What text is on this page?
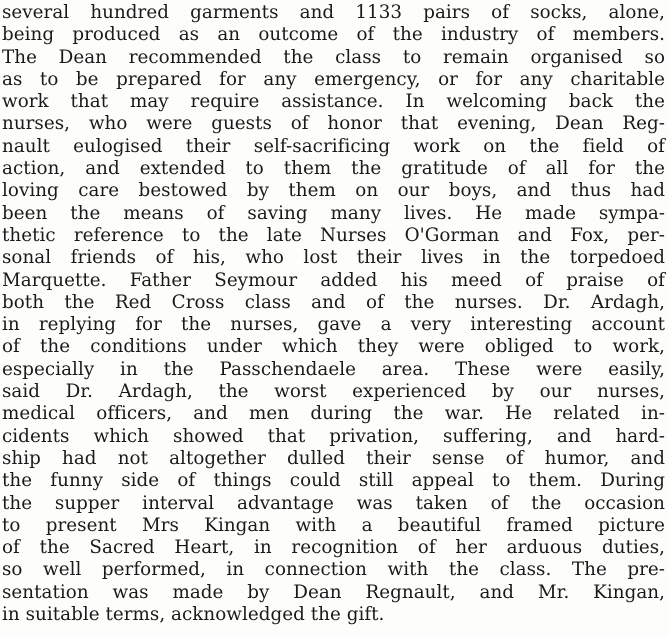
several hundred garments and 1133 pairs of socks, alone,
being produced as an outcome of the industry of members.
The Dean recommended the class to remain organised so
as to be prepared for any emergency, or for any charitable
work that may require assistance. In welcoming back the
nurses, who were guests of honor that evening, Dean Reg-
nault eulogised their self-sacrificing work on the field of
action, and extended to them the gratitude of all for the
loving care bestowed by them on our boys, and thus had
been the means of saving many lives. He made sympa-
thetic reference to the late Nurses O'Gorman and Fox, per-
sonal friends of his, who lost their lives in the torpedoed
Marquette. Father Seymour added his meed of praise of
both the Red Cross class and of the nurses. Dr. Ardagh,
in replying for the nurses, gave a very interesting account
of the conditions under which they were obliged to work,
especially in the Passchendaele area. These were easily,
said Dr. Ardagh, the worst experienced by our nurses,
medical officers, and men during the war. He related in-
cidents which showed that privation, suffering, and hard-
ship had not altogether dulled their sense of humor, and
the funny side of things could still appeal to them. During
the supper interval advantage was taken of the occasion
to present Mrs Kingan with a beautiful framed picture
of the Sacred Heart, in recognition of her arduous duties,
so well performed, in connection with the class. The pre-
sentation was made by Dean Regnault, and Mr. Kingan,
in suitable terms, acknowledged the gift.
